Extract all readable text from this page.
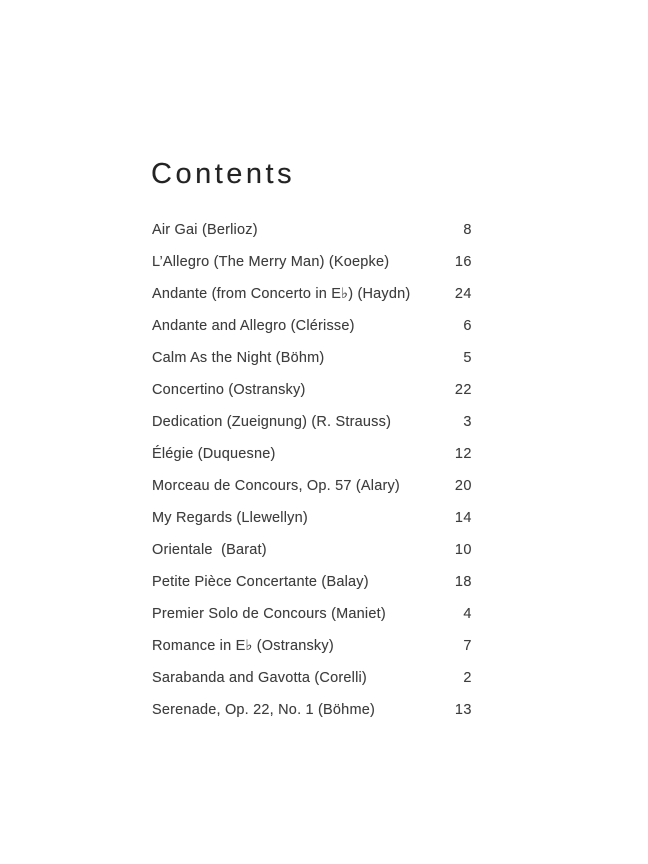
Contents
Air Gai (Berlioz)	8
L’Allegro (The Merry Man) (Koepke)	16
Andante (from Concerto in E♭) (Haydn)	24
Andante and Allegro (Clérisse)	6
Calm As the Night (Böhm)	5
Concertino (Ostransky)	22
Dedication (Zueignung) (R. Strauss)	3
Élégie (Duquesne)	12
Morceau de Concours, Op. 57 (Alary)	20
My Regards (Llewellyn)	14
Orientale  (Barat)	10
Petite Pièce Concertante (Balay)	18
Premier Solo de Concours (Maniet)	4
Romance in E♭ (Ostransky)	7
Sarabanda and Gavotta (Corelli)	2
Serenade, Op. 22, No. 1 (Böhme)	13
